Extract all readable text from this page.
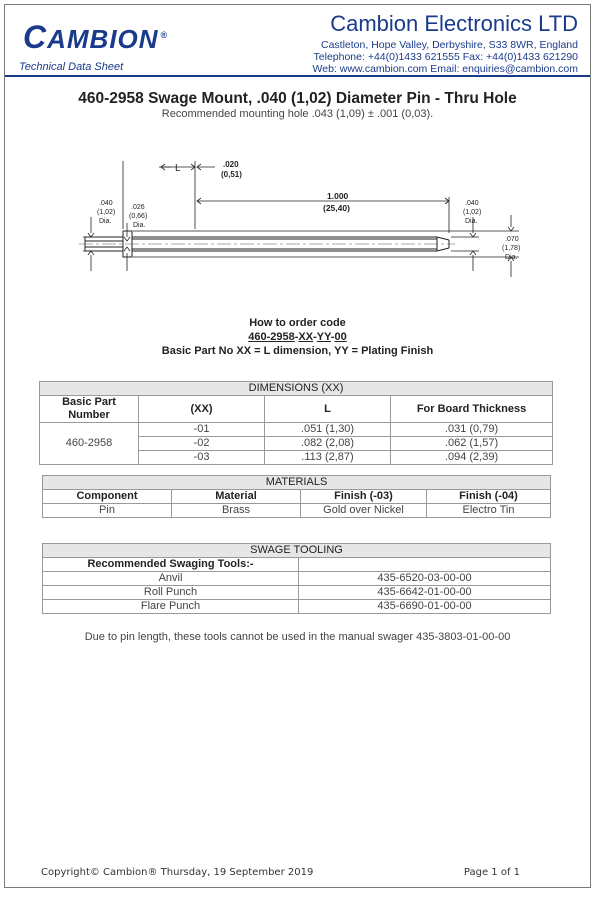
CAMBION ®
Technical Data Sheet
Cambion Electronics LTD
Castleton, Hope Valley, Derbyshire, S33 8WR, England
Telephone: +44(0)1433 621555 Fax: +44(0)1433 621290
Web: www.cambion.com Email: enquiries@cambion.com
460-2958 Swage Mount, .040 (1,02) Diameter Pin - Thru Hole
Recommended mounting hole .043 (1,09) ± .001 (0,03).
L	.020
(0,51)
1.000
(25,40)
.040
(1,02)
Dia.
.026
(0,66)
Dia.
.040
(1,02)
Dia.
.070
(1,78)
Dia.
How to order code
460-2958-XX-YY-00
Basic Part No XX = L dimension, YY = Plating Finish
DIMENSIONS (XX)			
Basic Part Number	(XX)	L	For Board Thickness
460-2958	-01	.051 (1,30)	.031 (0,79)
	-02	.082 (2,08)	.062 (1,57)
	-03	.113 (2,87)	.094 (2,39)
MATERIALS			
Component	Material	Finish (-03)	Finish (-04)
Pin	Brass	Gold over Nickel	Electro Tin
SWAGE TOOLING	
Recommended Swaging Tools:-	
Anvil	435-6520-03-00-00
Roll Punch	435-6642-01-00-00
Flare Punch	435-6690-01-00-00
Due to pin length, these tools cannot be used in the manual swager 435-3803-01-00-00
Copyright© Cambion® Thursday, 19 September 2019	Page 1 of 1
